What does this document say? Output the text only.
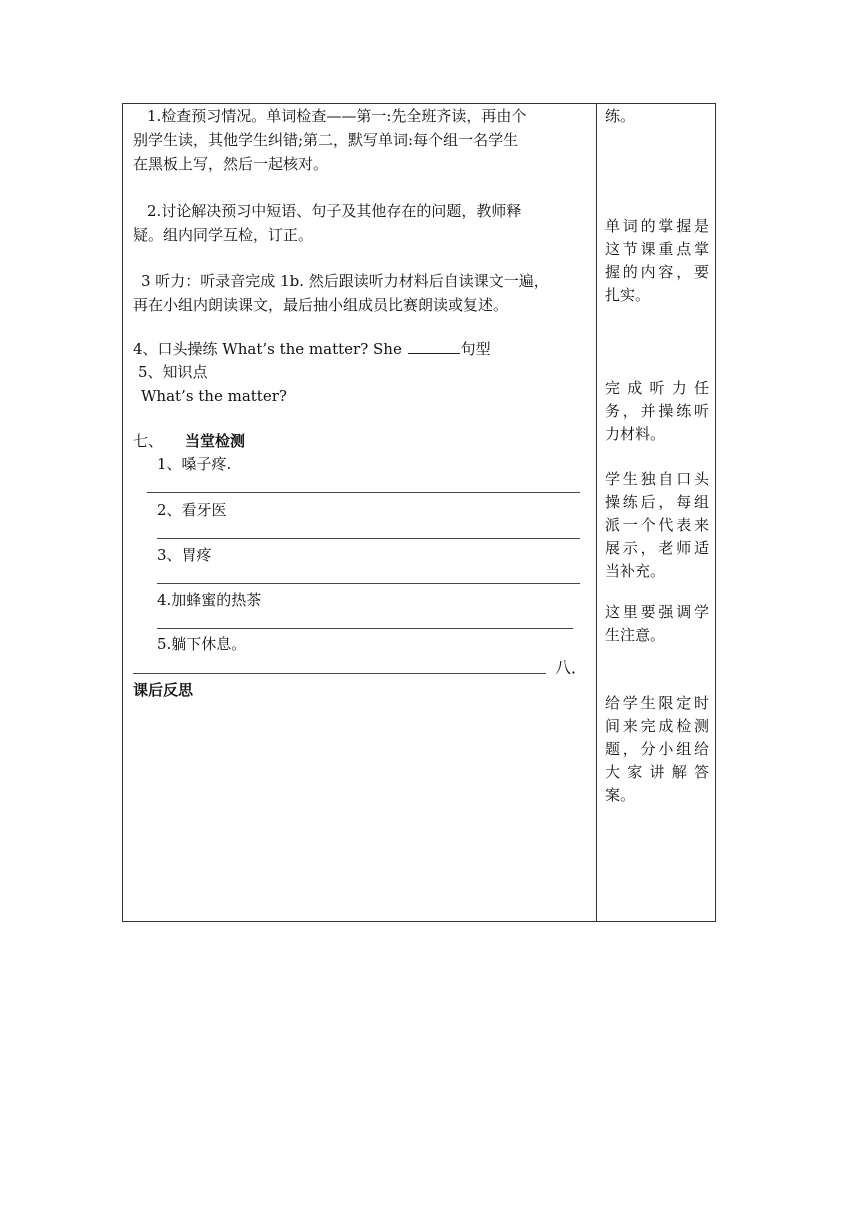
1.检查预习情况。单词检查——第一:先全班齐读，再由个
别学生读，其他学生纠错;第二，默写单词:每个组一名学生
在黑板上写，然后一起核对。
2.讨论解决预习中短语、句子及其他存在的问题，教师释
疑。组内同学互检，订正。
3 听力：听录音完成 1b. 然后跟读听力材料后自读课文一遍，
再在小组内朗读课文，最后抽小组成员比赛朗读或复述。
4、口头操练 What’s the matter? She	句型
5、知识点
What’s the matter?
七、 当堂检测
1、嗓子疼.
2、看牙医
3、胃疼
4.加蜂蜜的热茶
5.躺下休息。
八．
课后反思
练。
单词的掌握是这节课重点掌握的内容，要扎实。
完成听力任务，并操练听力材料。
学生独自口头操练后，每组派一个代表来展示，老师适当补充。
这里要强调学生注意。
给学生限定时间来完成检测题，分小组给大家讲解答案。
